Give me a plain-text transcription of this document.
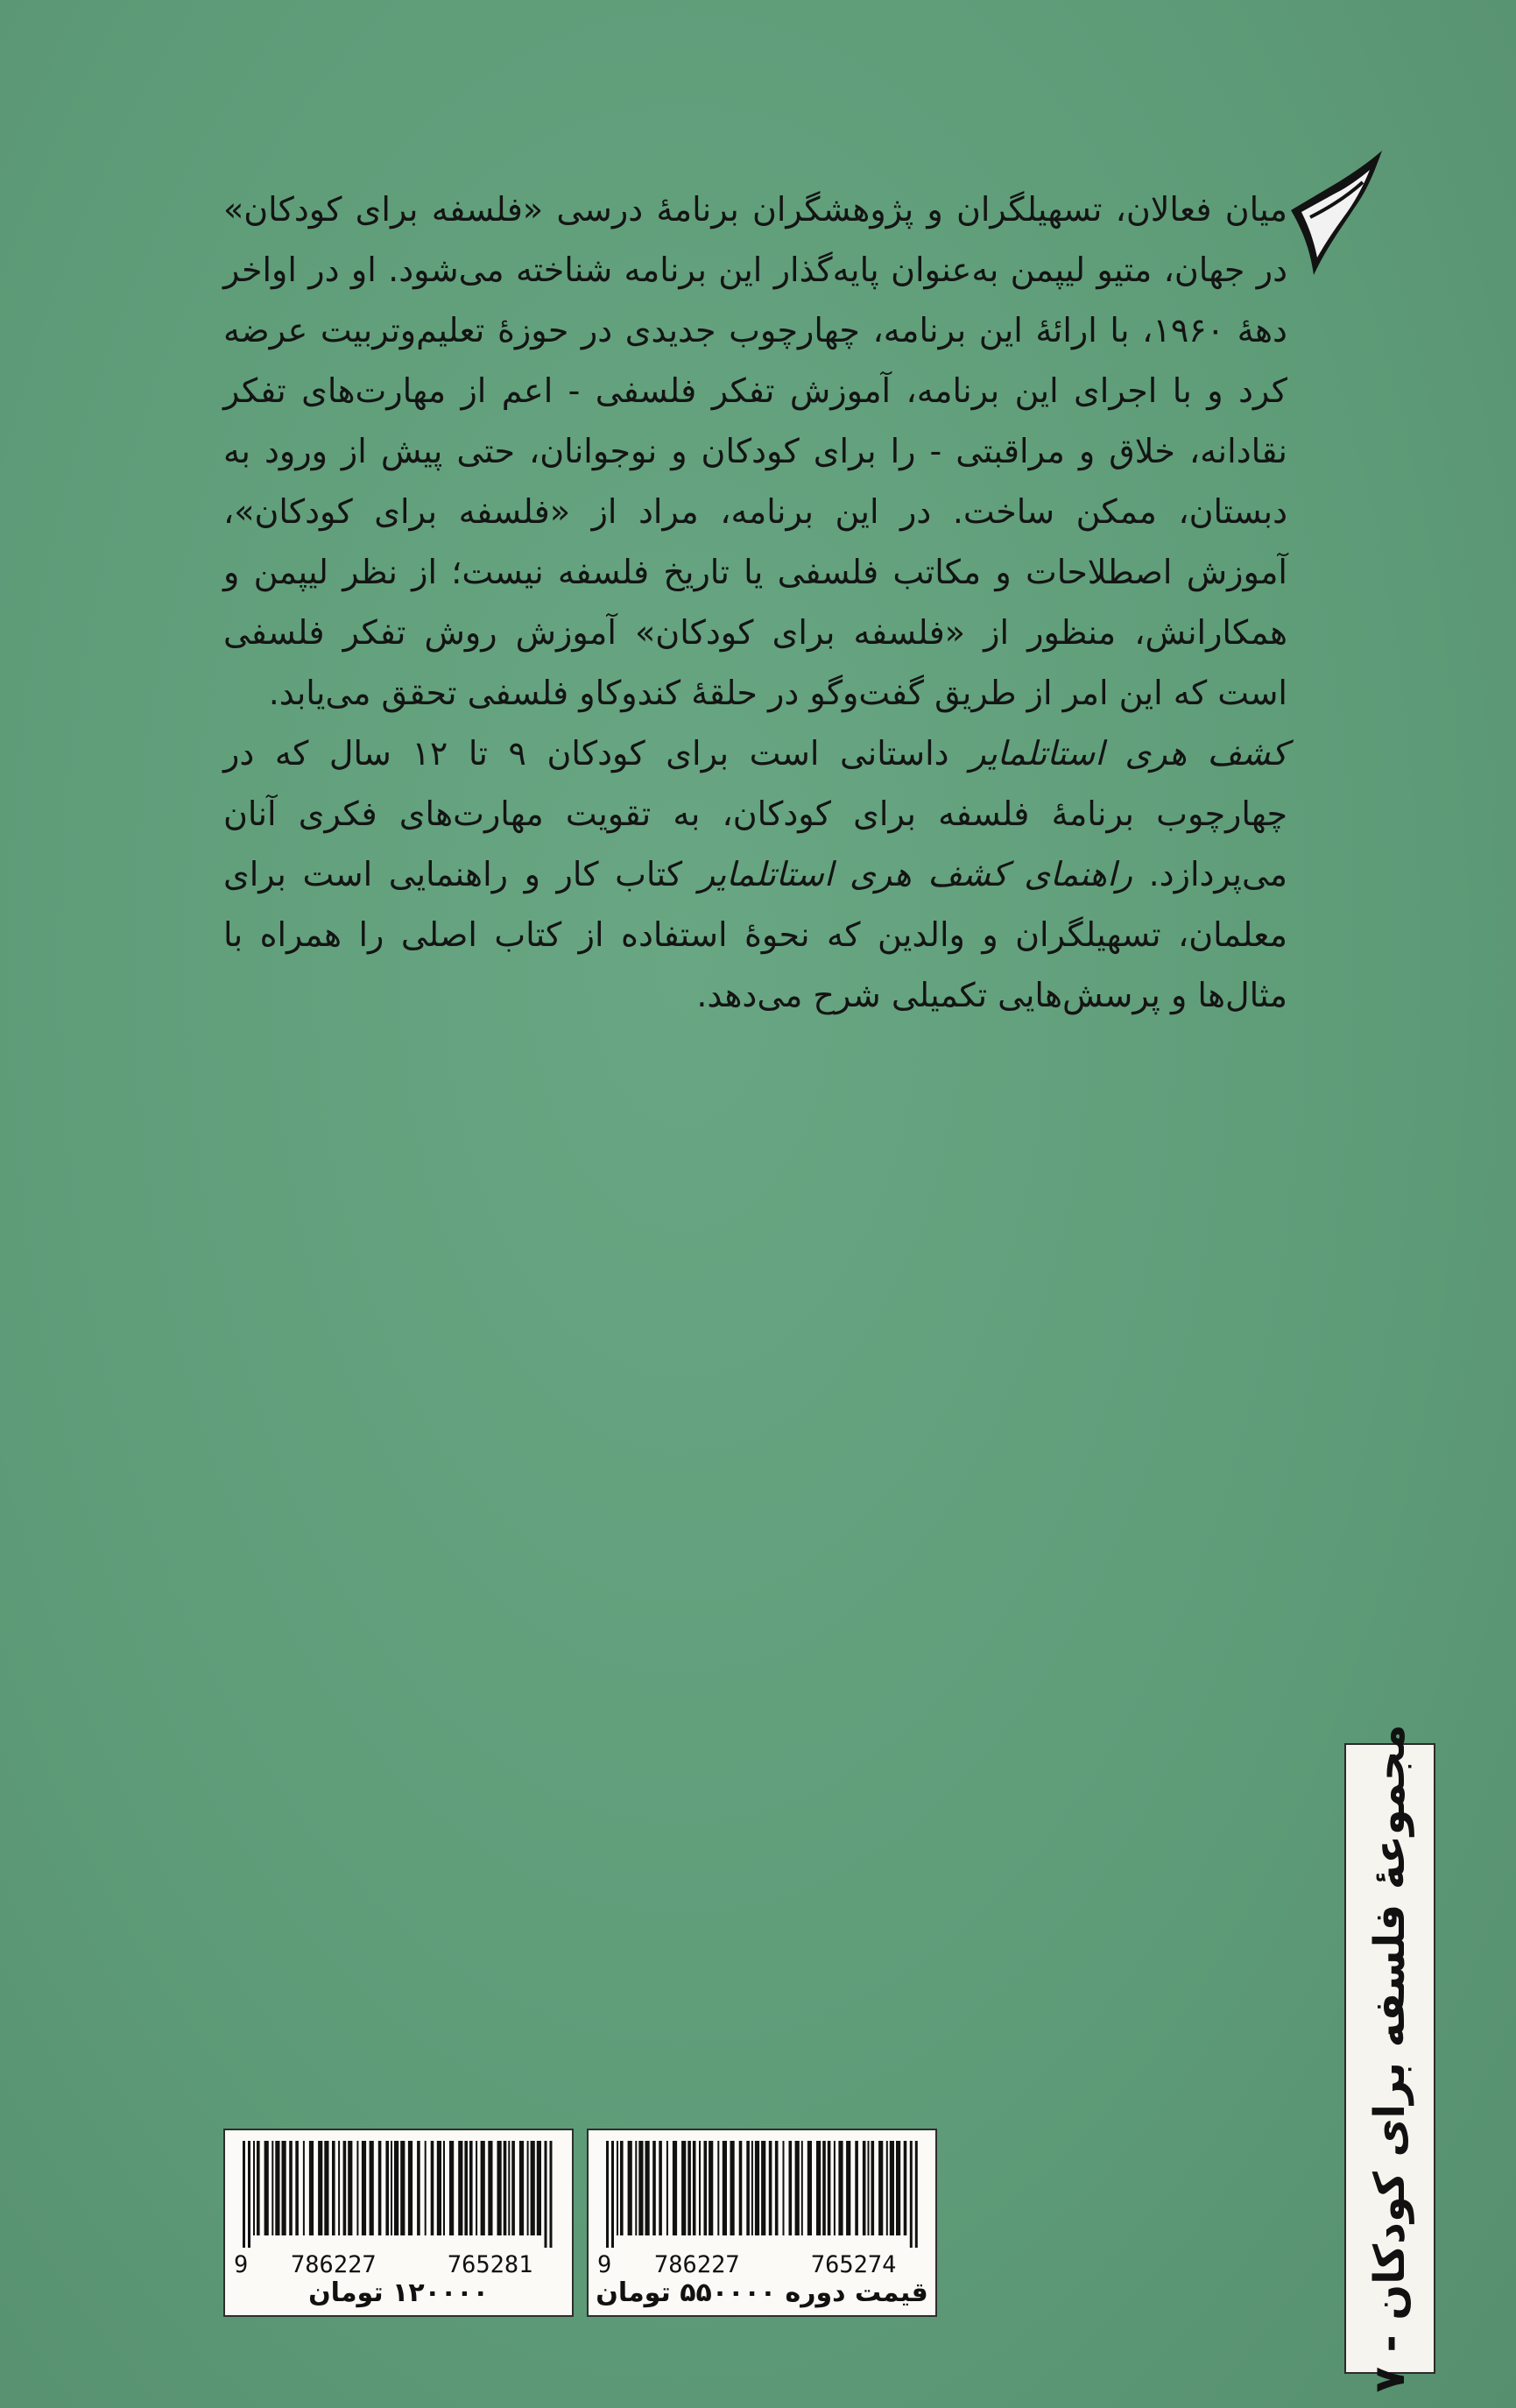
میان فعالان، تسهیلگران و پژوهشگران برنامهٔ درسی «فلسفه برای کودکان» در جهان، متیو لیپمن به‌عنوان پایه‌گذار این برنامه شناخته می‌شود. او در اواخر دههٔ ۱۹۶۰، با ارائهٔ این برنامه، چهارچوب جدیدی در حوزهٔ تعلیم‌وتربیت عرضه کرد و با اجرای این برنامه، آموزش تفکر فلسفی - اعم از مهارت‌های تفکر نقادانه، خلاق و مراقبتی - را برای کودکان و نوجوانان، حتی پیش از ورود به دبستان، ممکن ساخت. در این برنامه، مراد از «فلسفه برای کودکان»، آموزش اصطلاحات و مکاتب فلسفی یا تاریخ فلسفه نیست؛ از نظر لیپمن و همکارانش، منظور از «فلسفه برای کودکان» آموزش روش تفکر فلسفی است که این امر از طریق گفت‌وگو در حلقهٔ کندوکاو فلسفی تحقق می‌یابد.

کشف هری استاتلمایر داستانی است برای کودکان ۹ تا ۱۲ سال که در چهارچوب برنامهٔ فلسفه برای کودکان، به تقویت مهارت‌های فکری آنان می‌پردازد. راهنمای کشف هری استاتلمایر کتاب کار و راهنمایی است برای معلمان، تسهیلگران و والدین که نحوهٔ استفاده از کتاب اصلی را همراه با مثال‌ها و پرسش‌هایی تکمیلی شرح می‌دهد.

مجموعهٔ فلسفه برای کودکان - ۷
9 786227	765274
قیمت دوره ۵۵۰۰۰۰ تومان
9 786227	765281
۱۲۰۰۰۰ تومان
